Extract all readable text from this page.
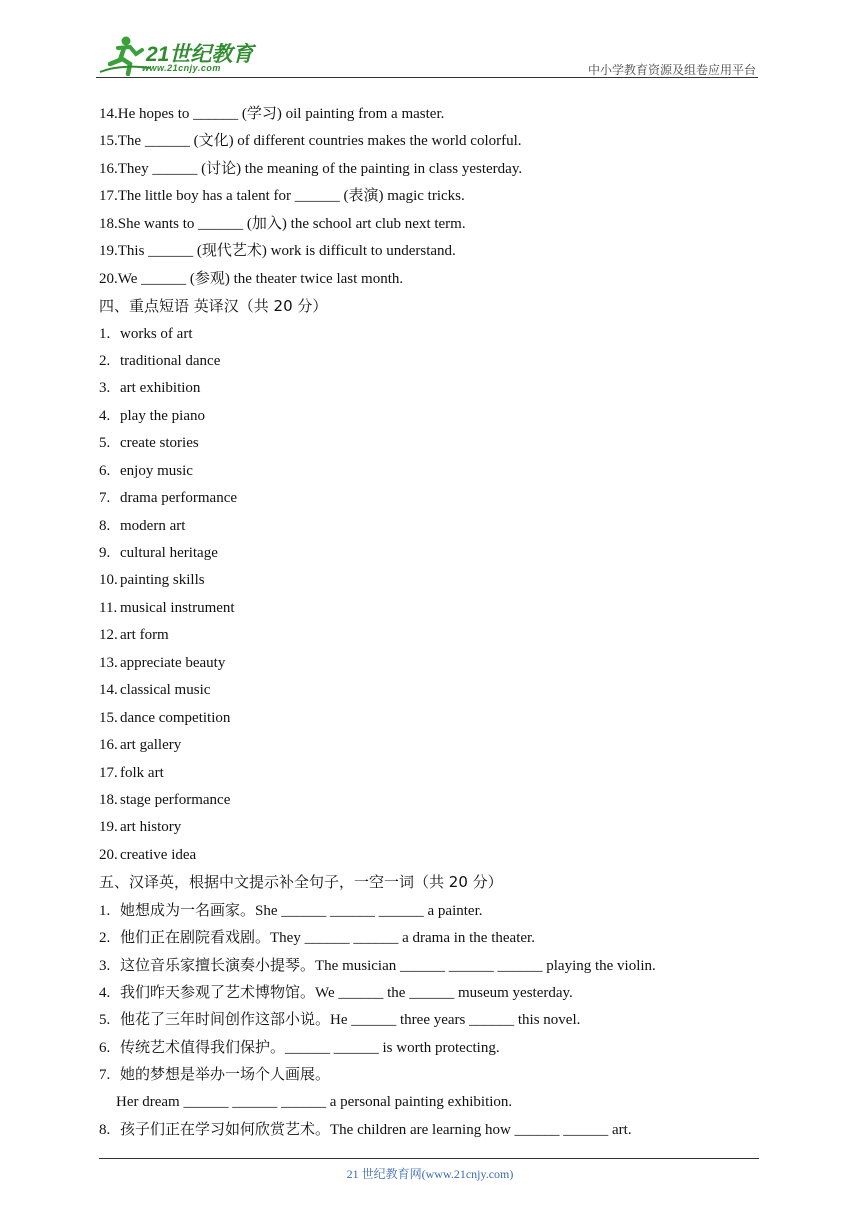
21世纪教育
www.21cnjy.com	中小学教育资源及组卷应用平台
14.He hopes to ______ (学习) oil painting from a master.
15.The ______ (文化) of different countries makes the world colorful.
16.They ______ (讨论) the meaning of the painting in class yesterday.
17.The little boy has a talent for ______ (表演) magic tricks.
18.She wants to ______ (加入) the school art club next term.
19.This ______ (现代艺术) work is difficult to understand.
20.We ______ (参观) the theater twice last month.
四、重点短语 英译汉（共 20 分）
1. works of art
2. traditional dance
3. art exhibition
4. play the piano
5. create stories
6. enjoy music
7. drama performance
8. modern art
9. cultural heritage
10. painting skills
11. musical instrument
12. art form
13. appreciate beauty
14. classical music
15. dance competition
16. art gallery
17. folk art
18. stage performance
19. art history
20. creative idea
五、汉译英，根据中文提示补全句子，一空一词（共 20 分）
1. 她想成为一名画家。She ______ ______ ______ a painter.
2. 他们正在剧院看戏剧。They ______ ______ a drama in the theater.
3. 这位音乐家擅长演奏小提琴。The musician ______ ______ ______ playing the violin.
4. 我们昨天参观了艺术博物馆。We ______ the ______ museum yesterday.
5. 他花了三年时间创作这部小说。He ______ three years ______ this novel.
6. 传统艺术值得我们保护。______ ______ is worth protecting.
7. 她的梦想是举办一场个人画展。
Her dream ______ ______ ______ a personal painting exhibition.
8. 孩子们正在学习如何欣赏艺术。The children are learning how ______ ______ art.
21 世纪教育网(www.21cnjy.com)
